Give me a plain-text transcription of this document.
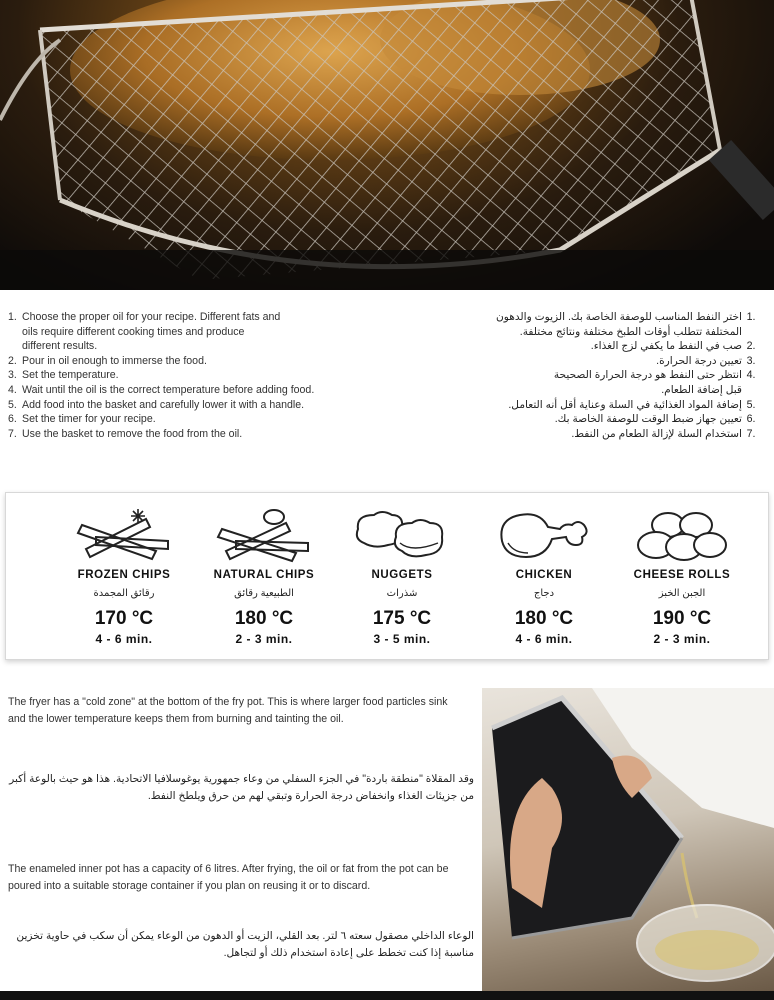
1. Choose the proper oil for your recipe. Different fats and
oils require different cooking times and produce
different results.
2. Pour in oil enough to immerse the food.
3. Set the temperature.
4. Wait until the oil is the correct temperature before adding food.
5. Add food into the basket and carefully lower it with a handle.
6. Set the timer for your recipe.
7. Use the basket to remove the food from the oil.
1.
اختر النفط المناسب للوصفة الخاصة بك. الزيوت والدهون
المختلفة تتطلب أوقات الطبخ مختلفة ونتائج مختلفة.
2.
صب في النفط ما يكفي لزج الغذاء.
3.
تعيين درجة الحرارة.
4.
انتظر حتى النفط هو درجة الحرارة الصحيحة
قبل إضافة الطعام.
5.
إضافة المواد الغذائية في السلة وعناية أقل أنه التعامل.
6.
تعيين جهاز ضبط الوقت للوصفة الخاصة بك.
7.
استخدام السلة لإزالة الطعام من النفط.
FROZEN CHIPS
رقائق المجمدة
170 °C
4 - 6 min.
NATURAL CHIPS
الطبيعية رقائق
180 °C
2 - 3 min.
NUGGETS
شذرات
175 °C
3 - 5 min.
CHICKEN
دجاج
180 °C
4 - 6 min.
CHEESE ROLLS
الجبن الخبز
190 °C
2 - 3 min.
The fryer has a "cold zone" at the bottom of the fry pot. This is where larger food particles sink and the lower temperature keeps them from burning and tainting the oil.
وقد المقلاة "منطقة باردة" في الجزء السفلي من وعاء جمهورية يوغوسلافيا الاتحادية. هذا هو حيث بالوعة أكبر من جزيئات الغذاء وانخفاض درجة الحرارة وتبقي لهم من حرق ويلطخ النفط.
The enameled inner pot has a capacity of 6 litres. After frying, the oil or fat from the pot can be poured into a suitable storage container if you plan on reusing it or to discard.
الوعاء الداخلي مصقول سعته ٦ لتر. بعد القلي، الزيت أو الدهون من الوعاء يمكن أن سكب في حاوية تخزين مناسبة إذا كنت تخطط على إعادة استخدام ذلك أو لتجاهل.
